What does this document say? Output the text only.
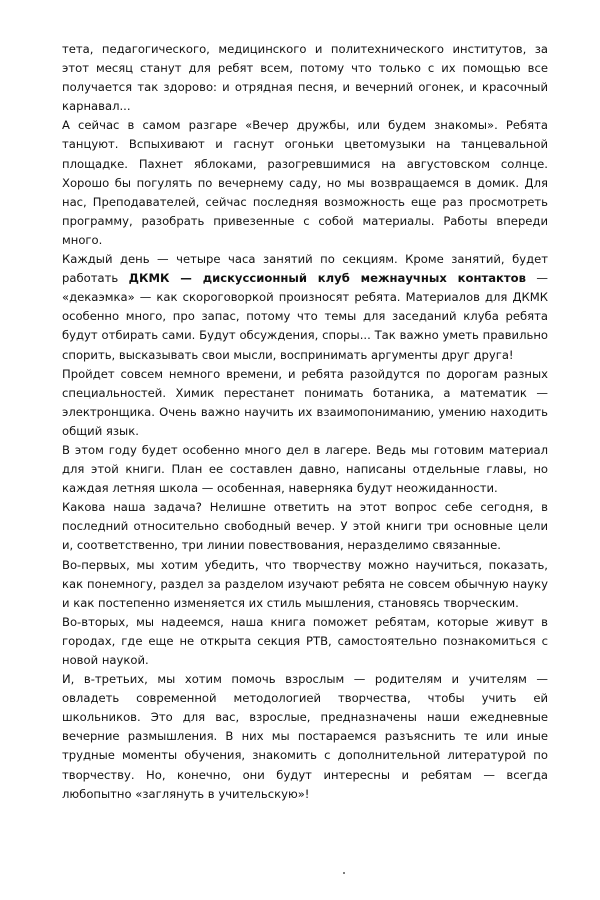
тета, педагогического, медицинского и политехнического институтов, за этот месяц станут для ребят всем, потому что только с их помощью все получается так здорово: и отрядная песня, и вечерний огонек, и красочный карнавал...

А сейчас в самом разгаре «Вечер дружбы, или будем знакомы». Ребята танцуют. Вспыхивают и гаснут огоньки цветомузыки на танцевальной площадке. Пахнет яблоками, разогревшимися на августовском солнце. Хорошо бы погулять по вечернему саду, но мы возвращаемся в домик. Для нас, Преподавателей, сейчас последняя возможность еще раз просмотреть программу, разобрать привезенные с собой материалы. Работы впереди много.

Каждый день — четыре часа занятий по секциям. Кроме занятий, будет работать ДКМК — дискуссионный клуб межнаучных контактов — «декаэмка» — как скороговоркой произносят ребята. Материалов для ДКМК особенно много, про запас, потому что темы для заседаний клуба ребята будут отбирать сами. Будут обсуждения, споры... Так важно уметь правильно спорить, высказывать свои мысли, воспринимать аргументы друг друга!

Пройдет совсем немного времени, и ребята разойдутся по дорогам разных специальностей. Химик перестанет понимать ботаника, а математик — электронщика. Очень важно научить их взаимопониманию, умению находить общий язык.

В этом году будет особенно много дел в лагере. Ведь мы готовим материал для этой книги. План ее составлен давно, написаны отдельные главы, но каждая летняя школа — особенная, наверняка будут неожиданности.

Какова наша задача? Нелишне ответить на этот вопрос себе сегодня, в последний относительно свободный вечер. У этой книги три основные цели и, соответственно, три линии повествования, неразделимо связанные.

Во-первых, мы хотим убедить, что творчеству можно научиться, показать, как понемногу, раздел за разделом изучают ребята не совсем обычную науку и как постепенно изменяется их стиль мышления, становясь творческим.

Во-вторых, мы надеемся, наша книга поможет ребятам, которые живут в городах, где еще не открыта секция РТВ, самостоятельно познакомиться с новой наукой.

И, в-третьих, мы хотим помочь взрослым — родителям и учителям — овладеть современной методологией творчества, чтобы учить ей школьников. Это для вас, взрослые, предназначены наши ежедневные вечерние размышления. В них мы постараемся разъяснить те или иные трудные моменты обучения, знакомить с дополнительной литературой по творчеству. Но, конечно, они будут интересны и ребятам — всегда любопытно «заглянуть в учительскую»!
